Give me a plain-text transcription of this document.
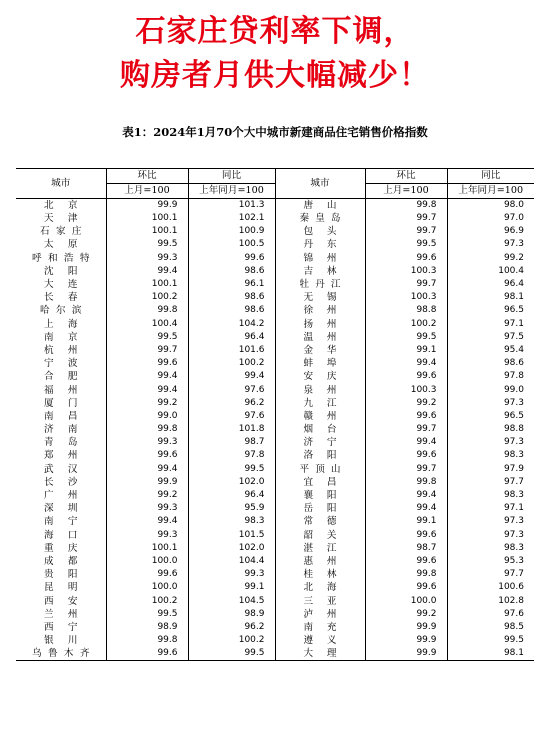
石家庄贷利率下调，
购房者月供大幅减少！
表1：2024年1月70个大中城市新建商品住宅销售价格指数
城市	环比	同比	城市	环比	同比
	上月=100	上年同月=100		上月=100	上年同月=100
北京	99.9	101.3	唐山	99.8	98.0
天津	100.1	102.1	秦皇岛	99.7	97.0
石家庄	100.1	100.9	包头	99.7	96.9
太原	99.5	100.5	丹东	99.5	97.3
呼和浩特	99.3	99.6	锦州	99.6	99.2
沈阳	99.4	98.6	吉林	100.3	100.4
大连	100.1	96.1	牡丹江	99.7	96.4
长春	100.2	98.6	无锡	100.3	98.1
哈尔滨	99.8	98.6	徐州	98.8	96.5
上海	100.4	104.2	扬州	100.2	97.1
南京	99.5	96.4	温州	99.5	97.5
杭州	99.7	101.6	金华	99.1	95.4
宁波	99.6	100.2	蚌埠	99.4	98.6
合肥	99.4	99.4	安庆	99.6	97.8
福州	99.4	97.6	泉州	100.3	99.0
厦门	99.2	96.2	九江	99.2	97.3
南昌	99.0	97.6	赣州	99.6	96.5
济南	99.8	101.8	烟台	99.7	98.8
青岛	99.3	98.7	济宁	99.4	97.3
郑州	99.6	97.8	洛阳	99.6	98.3
武汉	99.4	99.5	平顶山	99.7	97.9
长沙	99.9	102.0	宜昌	99.8	97.7
广州	99.2	96.4	襄阳	99.4	98.3
深圳	99.3	95.9	岳阳	99.4	97.1
南宁	99.4	98.3	常德	99.1	97.3
海口	99.3	101.5	韶关	99.6	97.3
重庆	100.1	102.0	湛江	98.7	98.3
成都	100.0	104.4	惠州	99.6	95.3
贵阳	99.6	99.3	桂林	99.8	97.7
昆明	100.0	99.1	北海	99.6	100.6
西安	100.2	104.5	三亚	100.0	102.8
兰州	99.5	98.9	泸州	99.2	97.6
西宁	98.9	96.2	南充	99.9	98.5
银川	99.8	100.2	遵义	99.9	99.5
乌鲁木齐	99.6	99.5	大理	99.9	98.1
